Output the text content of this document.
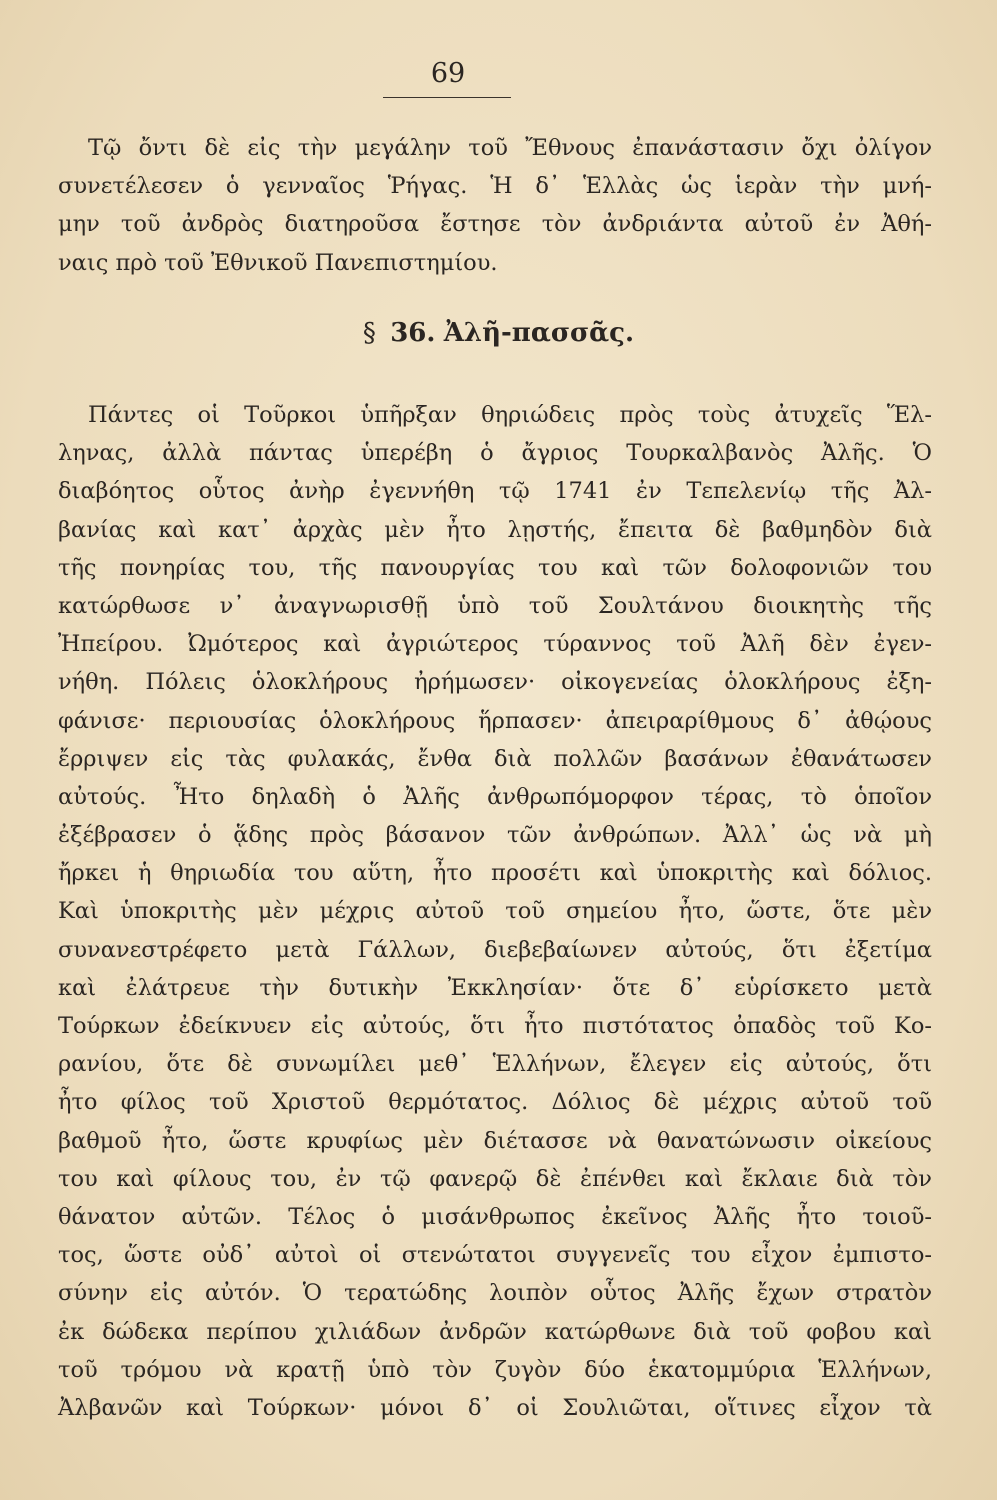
69
Τῷ ὄντι δὲ εἰς τὴν μεγάλην τοῦ Ἔθνους ἐπανάστασιν ὄχι ὀλίγον
συνετέλεσεν ὁ γενναῖος Ῥήγας. Ἡ δ᾽ Ἑλλὰς ὡς ἱερὰν τὴν μνή-
μην τοῦ ἀνδρὸς διατηροῦσα ἔστησε τὸν ἀνδριάντα αὐτοῦ ἐν Ἀθή-
ναις πρὸ τοῦ Ἐθνικοῦ Πανεπιστημίου.
§ 36. Ἀλῆ-πασσᾶς.
Πάντες οἱ Τοῦρκοι ὑπῆρξαν θηριώδεις πρὸς τοὺς ἀτυχεῖς Ἕλ-
ληνας, ἀλλὰ πάντας ὑπερέβη ὁ ἄγριος Τουρκαλβανὸς Ἀλῆς. Ὁ
διαβόητος οὗτος ἀνὴρ ἐγεννήθη τῷ 1741 ἐν Τεπελενίῳ τῆς Ἀλ-
βανίας καὶ κατ᾽ ἀρχὰς μὲν ἦτο λῃστής, ἔπειτα δὲ βαθμηδὸν διὰ
τῆς πονηρίας του, τῆς πανουργίας του καὶ τῶν δολοφονιῶν του
κατώρθωσε ν᾽ ἀναγνωρισθῇ ὑπὸ τοῦ Σουλτάνου διοικητὴς τῆς
Ἠπείρου. Ὠμότερος καὶ ἀγριώτερος τύραννος τοῦ Ἀλῆ δὲν ἐγεν-
νήθη. Πόλεις ὁλοκλήρους ἠρήμωσεν· οἰκογενείας ὁλοκλήρους ἐξη-
φάνισε· περιουσίας ὁλοκλήρους ἥρπασεν· ἀπειραρίθμους δ᾽ ἀθῴους
ἔρριψεν εἰς τὰς φυλακάς, ἔνθα διὰ πολλῶν βασάνων ἐθανάτωσεν
αὐτούς. Ἦτο δηλαδὴ ὁ Ἀλῆς ἀνθρωπόμορφον τέρας, τὸ ὁποῖον
ἐξέβρασεν ὁ ᾅδης πρὸς βάσανον τῶν ἀνθρώπων. Ἀλλ᾽ ὡς νὰ μὴ
ἤρκει ἡ θηριωδία του αὕτη, ἦτο προσέτι καὶ ὑποκριτὴς καὶ δόλιος.
Καὶ ὑποκριτὴς μὲν μέχρις αὐτοῦ τοῦ σημείου ἦτο, ὥστε, ὅτε μὲν
συνανεστρέφετο μετὰ Γάλλων, διεβεβαίωνεν αὐτούς, ὅτι ἐξετίμα
καὶ ἐλάτρευε τὴν δυτικὴν Ἐκκλησίαν· ὅτε δ᾽ εὑρίσκετο μετὰ
Τούρκων ἐδείκνυεν εἰς αὐτούς, ὅτι ἦτο πιστότατος ὀπαδὸς τοῦ Κο-
ρανίου, ὅτε δὲ συνωμίλει μεθ᾽ Ἑλλήνων, ἔλεγεν εἰς αὐτούς, ὅτι
ἦτο φίλος τοῦ Χριστοῦ θερμότατος. Δόλιος δὲ μέχρις αὐτοῦ τοῦ
βαθμοῦ ἦτο, ὥστε κρυφίως μὲν διέτασσε νὰ θανατώνωσιν οἰκείους
του καὶ φίλους του, ἐν τῷ φανερῷ δὲ ἐπένθει καὶ ἔκλαιε διὰ τὸν
θάνατον αὐτῶν. Τέλος ὁ μισάνθρωπος ἐκεῖνος Ἀλῆς ἦτο τοιοῦ-
τος, ὥστε οὐδ᾽ αὐτοὶ οἱ στενώτατοι συγγενεῖς του εἶχον ἐμπιστο-
σύνην εἰς αὐτόν. Ὁ τερατώδης λοιπὸν οὗτος Ἀλῆς ἔχων στρατὸν
ἐκ δώδεκα περίπου χιλιάδων ἀνδρῶν κατώρθωνε διὰ τοῦ φοβου καὶ
τοῦ τρόμου νὰ κρατῇ ὑπὸ τὸν ζυγὸν δύο ἑκατομμύρια Ἑλλήνων,
Ἀλβανῶν καὶ Τούρκων· μόνοι δ᾽ οἱ Σουλιῶται, οἵτινες εἶχον τὰ
